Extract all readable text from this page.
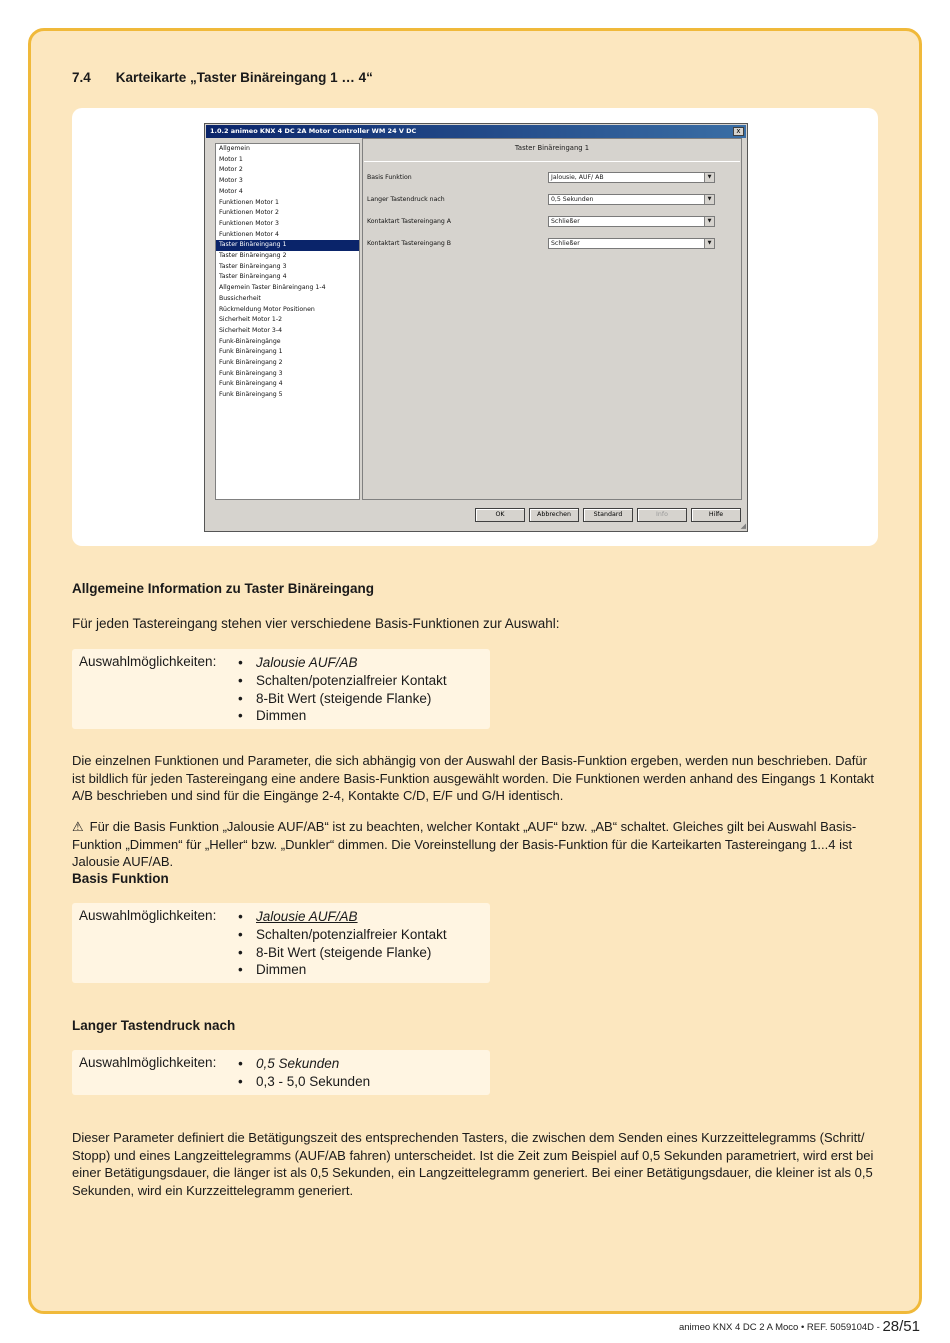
7.4 Karteikarte „Taster Binäreingang 1 … 4“
1.0.2 animeo KNX 4 DC 2A Motor Controller WM 24 V DC	x
Allgemein
Motor 1
Motor 2
Motor 3
Motor 4
Funktionen Motor 1
Funktionen Motor 2
Funktionen Motor 3
Funktionen Motor 4
Taster Binäreingang 1
Taster Binäreingang 2
Taster Binäreingang 3
Taster Binäreingang 4
Allgemein Taster Binäreingang 1-4
Bussicherheit
Rückmeldung Motor Positionen
Sicherheit Motor 1-2
Sicherheit Motor 3-4
Funk-Binäreingänge
Funk Binäreingang 1
Funk Binäreingang 2
Funk Binäreingang 3
Funk Binäreingang 4
Funk Binäreingang 5
Taster Binäreingang 1
Basis Funktion	Jalousie, AUF/ AB	▼
Langer Tastendruck nach	0,5 Sekunden	▼
Kontaktart Tastereingang A	Schließer	▼
Kontaktart Tastereingang B	Schließer	▼
OK	Abbrechen	Standard	Info	Hilfe
◢
Allgemeine Information zu Taster Binäreingang
Für jeden Tastereingang stehen vier verschiedene Basis-Funktionen zur Auswahl:
Auswahlmöglichkeiten:	• Jalousie AUF/AB
• Schalten/potenzialfreier Kontakt
• 8-Bit Wert (steigende Flanke)
• Dimmen
Die einzelnen Funktionen und Parameter, die sich abhängig von der Auswahl der Basis-Funktion ergeben, werden nun beschrieben. Dafür ist bildlich für jeden Tastereingang eine andere Basis-Funktion ausgewählt worden. Die Funktionen werden anhand des Eingangs 1 Kontakt A/B beschrieben und sind für die Eingänge 2-4, Kontakte C/D, E/F und G/H identisch.
⚠ Für die Basis Funktion „Jalousie AUF/AB“ ist zu beachten, welcher Kontakt „AUF“ bzw. „AB“ schaltet. Gleiches gilt bei Auswahl Basis-Funktion „Dimmen“ für „Heller“ bzw. „Dunkler“ dimmen. Die Voreinstellung der Basis-Funktion für die Karteikarten Tastereingang 1...4 ist Jalousie AUF/AB.
Basis Funktion
Auswahlmöglichkeiten:	• Jalousie AUF/AB
• Schalten/potenzialfreier Kontakt
• 8-Bit Wert (steigende Flanke)
• Dimmen
Langer Tastendruck nach
Auswahlmöglichkeiten:	• 0,5 Sekunden
• 0,3 - 5,0 Sekunden
Dieser Parameter definiert die Betätigungszeit des entsprechenden Tasters, die zwischen dem Senden eines Kurzzeittelegramms (Schritt/ Stopp) und eines Langzeittelegramms (AUF/AB fahren) unterscheidet. Ist die Zeit zum Beispiel auf 0,5 Sekunden parametriert, wird erst bei einer Betätigungsdauer, die länger ist als 0,5 Sekunden, ein Langzeittelegramm generiert. Bei einer Betätigungsdauer, die kleiner ist als 0,5 Sekunden, wird ein Kurzzeittelegramm generiert.
animeo KNX 4 DC 2 A Moco • REF. 5059104D - 28/51
